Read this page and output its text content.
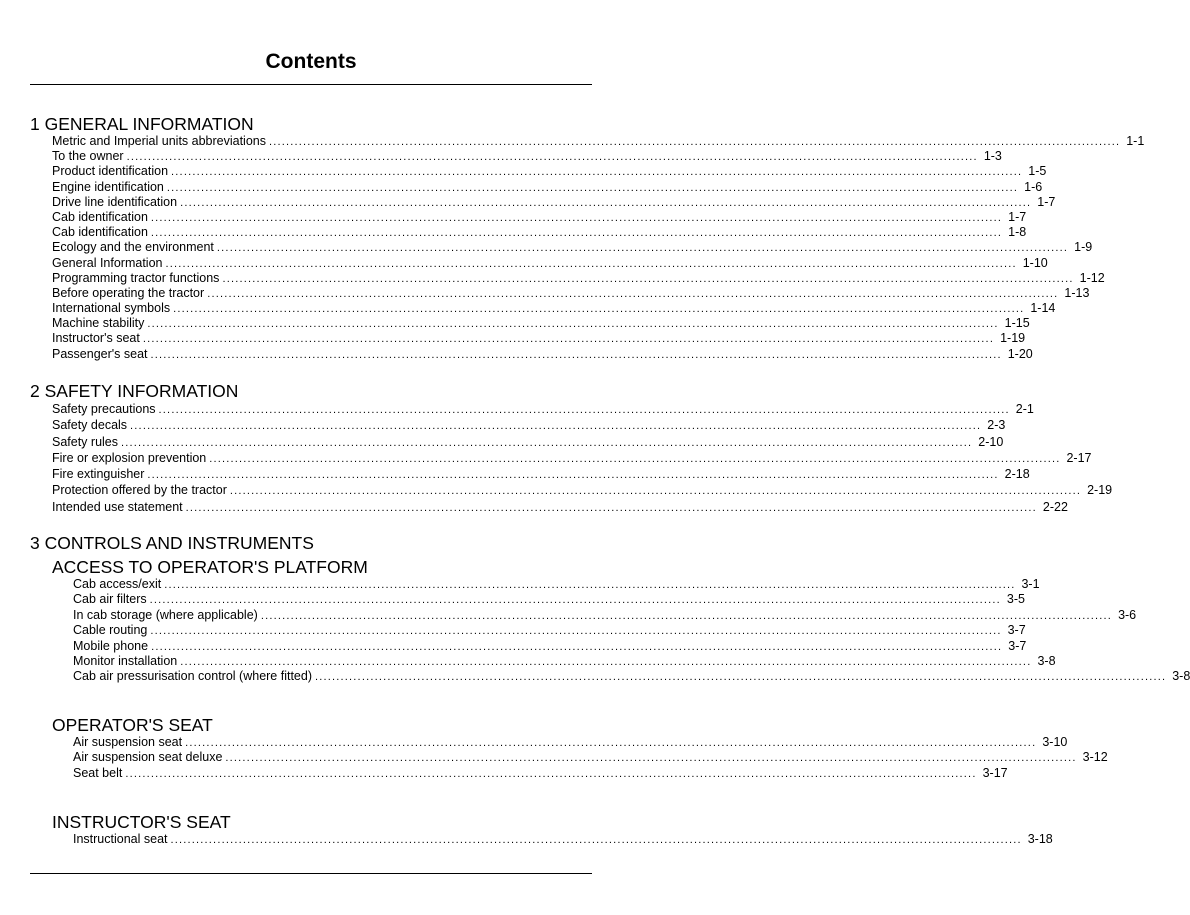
Contents
1 GENERAL INFORMATION
Metric and Imperial units abbreviations ........................................................................................................................................................................................................ 1-1
To the owner ........................................................................................................................................................................................................ 1-3
Product identification ........................................................................................................................................................................................................ 1-5
Engine identification ........................................................................................................................................................................................................ 1-6
Drive line identification ........................................................................................................................................................................................................ 1-7
Cab identification ........................................................................................................................................................................................................ 1-7
Cab identification ........................................................................................................................................................................................................ 1-8
Ecology and the environment ........................................................................................................................................................................................................ 1-9
General Information ........................................................................................................................................................................................................ 1-10
Programming tractor functions ........................................................................................................................................................................................................ 1-12
Before operating the tractor ........................................................................................................................................................................................................ 1-13
International symbols ........................................................................................................................................................................................................ 1-14
Machine stability ........................................................................................................................................................................................................ 1-15
Instructor's seat ........................................................................................................................................................................................................ 1-19
Passenger's seat ........................................................................................................................................................................................................ 1-20
2 SAFETY INFORMATION
Safety precautions ........................................................................................................................................................................................................ 2-1
Safety decals ........................................................................................................................................................................................................ 2-3
Safety rules ........................................................................................................................................................................................................ 2-10
Fire or explosion prevention ........................................................................................................................................................................................................ 2-17
Fire extinguisher ........................................................................................................................................................................................................ 2-18
Protection offered by the tractor ........................................................................................................................................................................................................ 2-19
Intended use statement ........................................................................................................................................................................................................ 2-22
3 CONTROLS AND INSTRUMENTS
ACCESS TO OPERATOR'S PLATFORM
Cab access/exit ........................................................................................................................................................................................................ 3-1
Cab air filters ........................................................................................................................................................................................................ 3-5
In cab storage (where applicable) ........................................................................................................................................................................................................ 3-6
Cable routing ........................................................................................................................................................................................................ 3-7
Mobile phone ........................................................................................................................................................................................................ 3-7
Monitor installation ........................................................................................................................................................................................................ 3-8
Cab air pressurisation control (where fitted) ........................................................................................................................................................................................................ 3-8
OPERATOR'S SEAT
Air suspension seat ........................................................................................................................................................................................................ 3-10
Air suspension seat deluxe ........................................................................................................................................................................................................ 3-12
Seat belt ........................................................................................................................................................................................................ 3-17
INSTRUCTOR'S SEAT
Instructional seat ........................................................................................................................................................................................................ 3-18
